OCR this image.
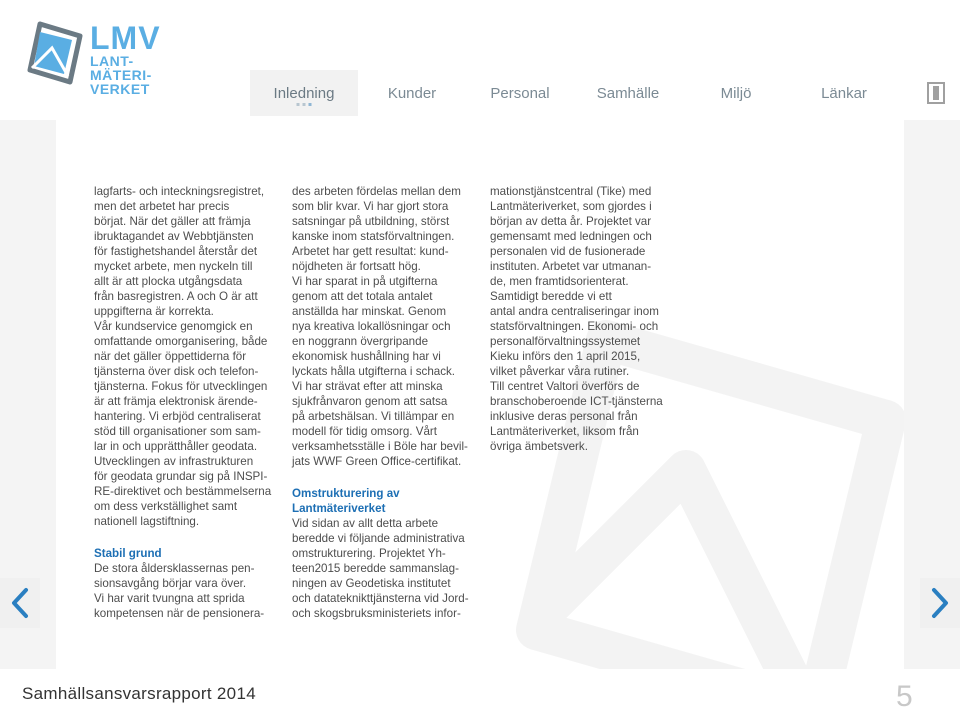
LMV
LANT-
MÄTERI-
VERKET	Inledning	Kunder	Personal	Samhälle	Miljö	Länkar

lagfarts- och inteckningsregistret,
men det arbetet har precis
börjat. När det gäller att främja
ibruktagandet av Webbtjänsten
för fastighetshandel återstår det
mycket arbete, men nyckeln till
allt är att plocka utgångsdata
från basregistren. A och O är att
uppgifterna är korrekta.

Vår kundservice genomgick en
omfattande omorganisering, både
när det gäller öppettiderna för
tjänsterna över disk och telefon-
tjänsterna. Fokus för utvecklingen
är att främja elektronisk ärende-
hantering. Vi erbjöd centraliserat
stöd till organisationer som sam-
lar in och upprätthåller geodata.
Utvecklingen av infrastrukturen
för geodata grundar sig på INSPI-
RE-direktivet och bestämmelserna
om dess verkställighet samt
nationell lagstiftning.

Stabil grund

De stora åldersklassernas pen-
sionsavgång börjar vara över.
Vi har varit tvungna att sprida
kompetensen när de pensionera-

des arbeten fördelas mellan dem
som blir kvar. Vi har gjort stora
satsningar på utbildning, störst
kanske inom statsförvaltningen.
Arbetet har gett resultat: kund-
nöjdheten är fortsatt hög.

Vi har sparat in på utgifterna
genom att det totala antalet
anställda har minskat. Genom
nya kreativa lokallösningar och
en noggrann övergripande
ekonomisk hushållning har vi
lyckats hålla utgifterna i schack.
Vi har strävat efter att minska
sjukfrånvaron genom att satsa
på arbetshälsan. Vi tillämpar en
modell för tidig omsorg. Vårt
verksamhetsställe i Böle har bevil-
jats WWF Green Office-certifikat.

Omstrukturering av
Lantmäteriverket

Vid sidan av allt detta arbete
beredde vi följande administrativa
omstrukturering. Projektet Yh-
teen2015 beredde sammanslag-
ningen av Geodetiska institutet
och datateknikttjänsterna vid Jord-
och skogsbruksministeriets infor-

mationstjänstcentral (Tike) med
Lantmäteriverket, som gjordes i
början av detta år. Projektet var
gemensamt med ledningen och
personalen vid de fusionerade
instituten. Arbetet var utmanan-
de, men framtidsorienterat.

Samtidigt beredde vi ett
antal andra centraliseringar inom
statsförvaltningen. Ekonomi- och
personalförvaltningssystemet
Kieku införs den 1 april 2015,
vilket påverkar våra rutiner.
Till centret Valtori överförs de
branschoberoende ICT-tjänsterna
inklusive deras personal från
Lantmäteriverket, liksom från
övriga ämbetsverk.

Samhällsansvarsrapport 2014	5
